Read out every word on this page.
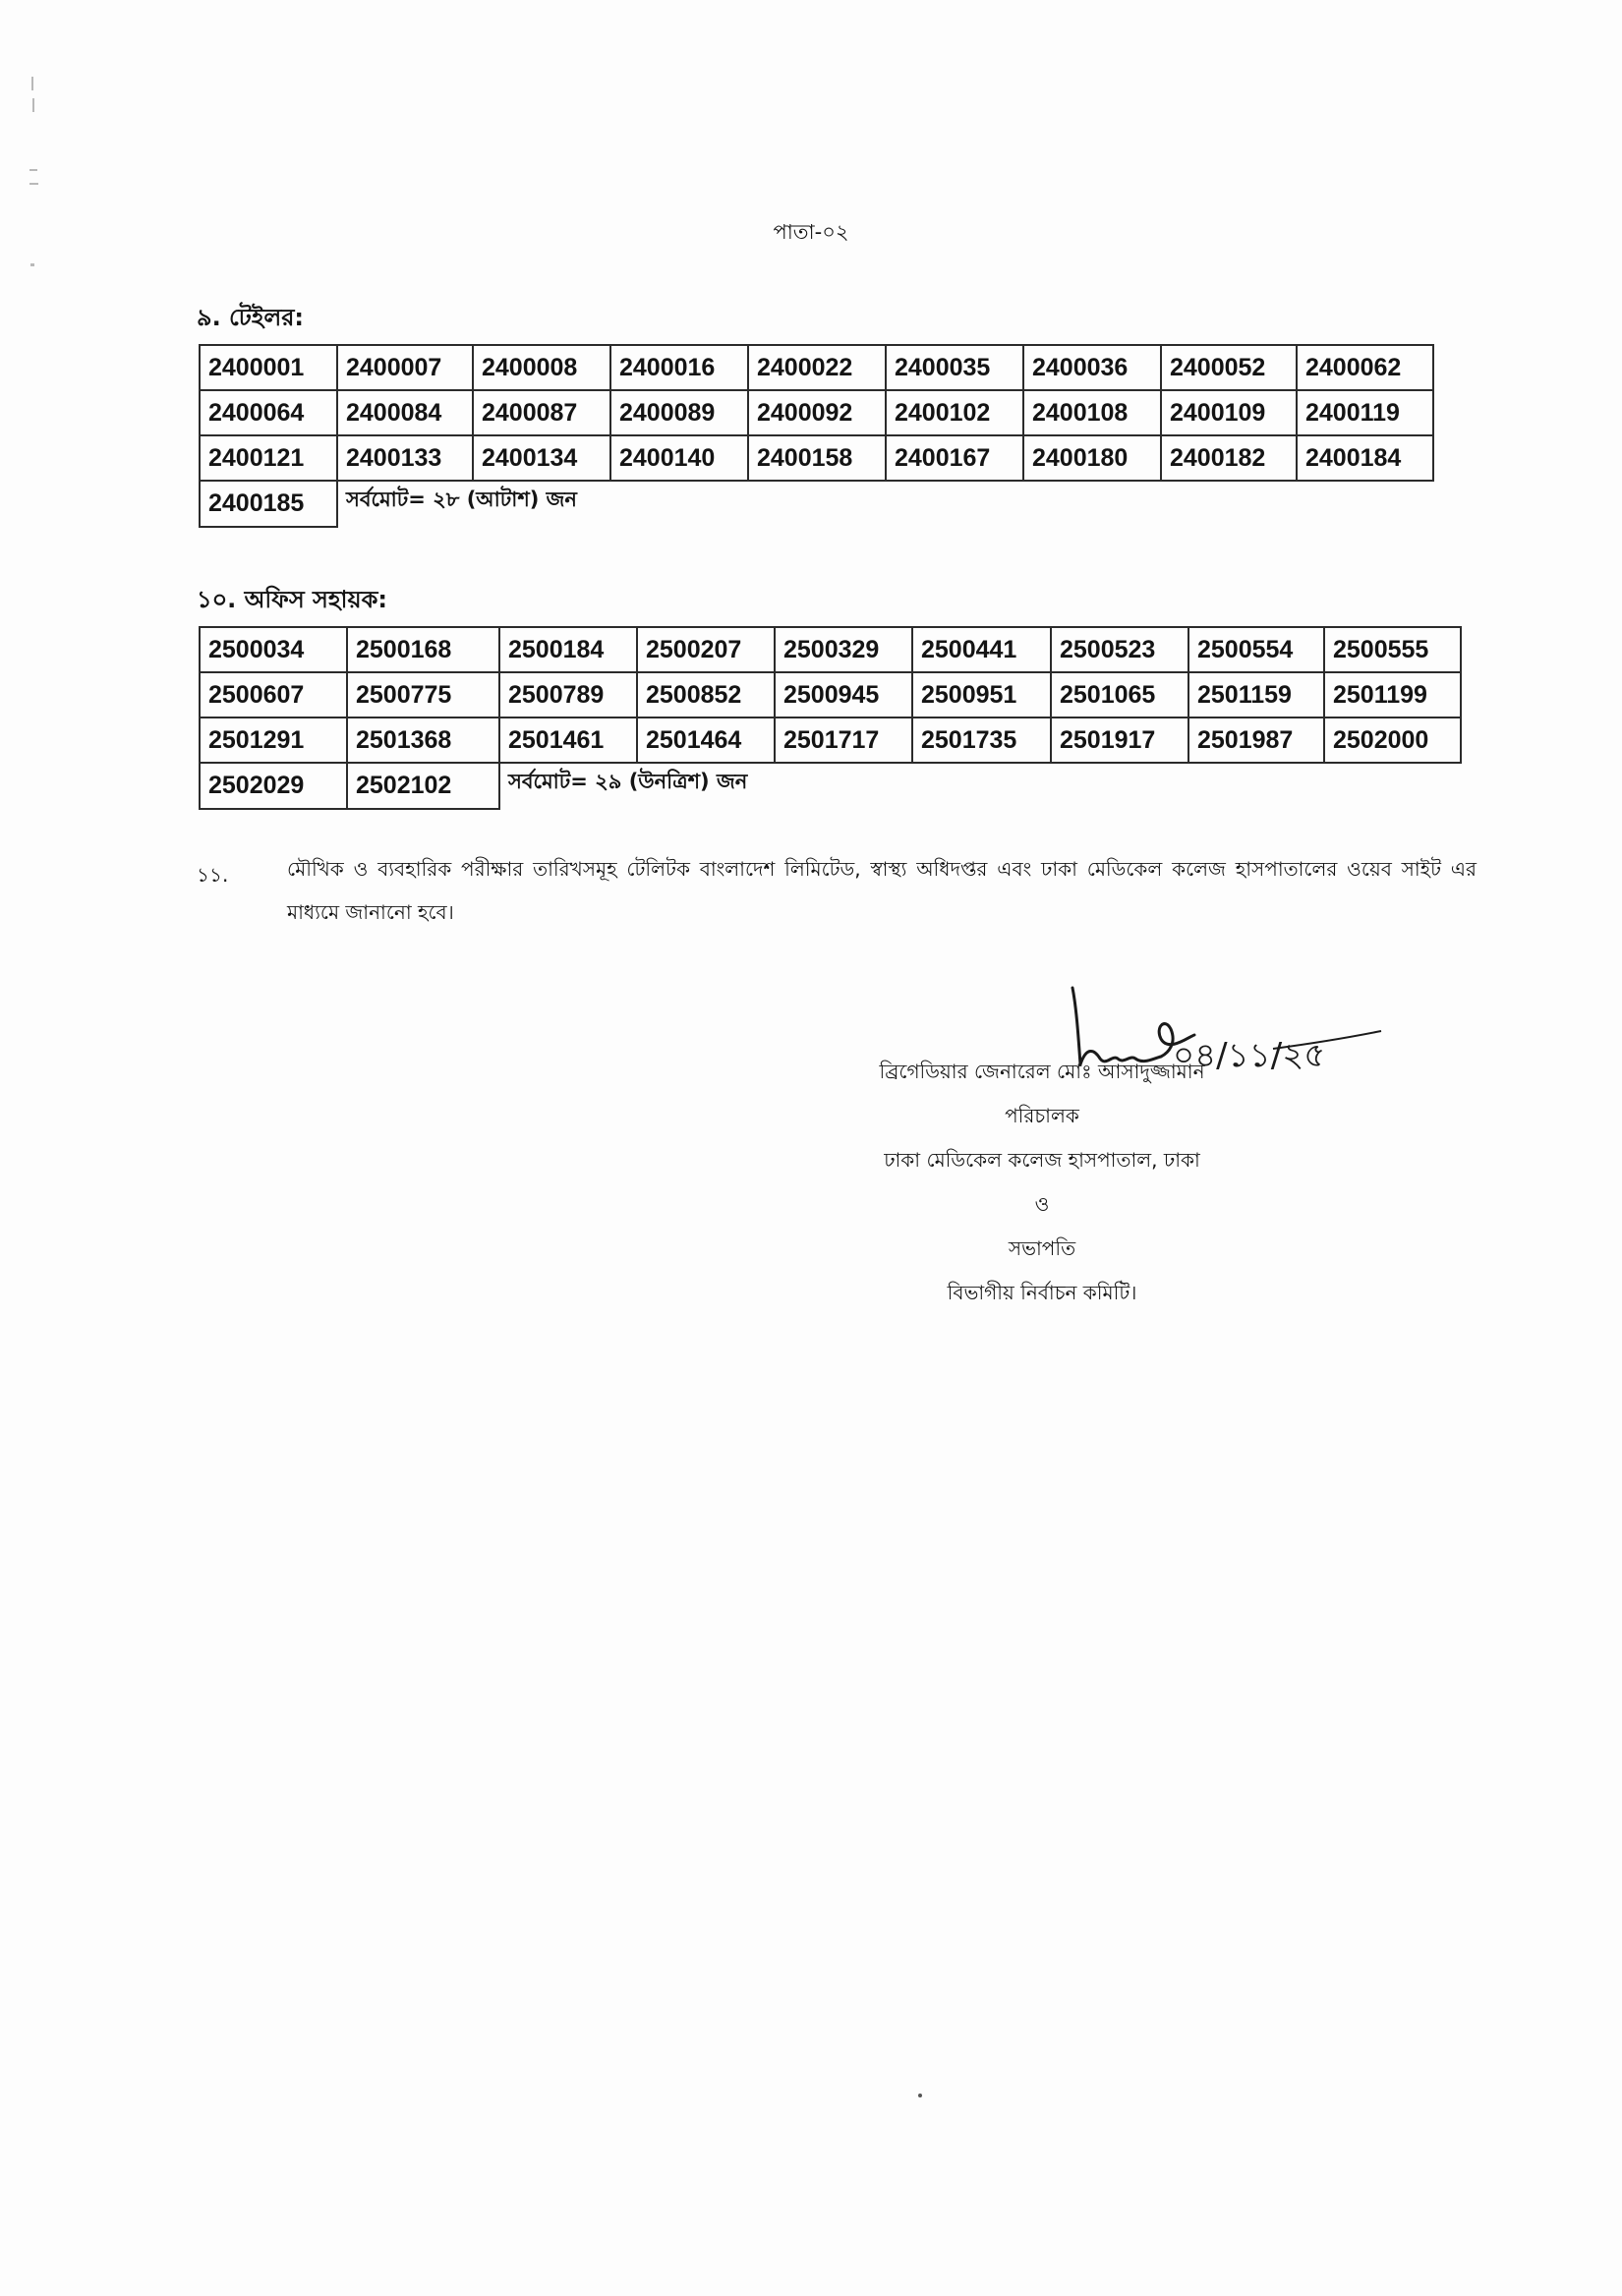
পাতা-০২
৯. টেইলর:
2400001	2400007	2400008	2400016	2400022	2400035	2400036	2400052	2400062
2400064	2400084	2400087	2400089	2400092	2400102	2400108	2400109	2400119
2400121	2400133	2400134	2400140	2400158	2400167	2400180	2400182	2400184
2400185	সর্বমোট= ২৮ (আটাশ) জন							
১০. অফিস সহায়ক:
2500034	2500168	2500184	2500207	2500329	2500441	2500523	2500554	2500555
2500607	2500775	2500789	2500852	2500945	2500951	2501065	2501159	2501199
2501291	2501368	2501461	2501464	2501717	2501735	2501917	2501987	2502000
2502029	2502102	সর্বমোট= ২৯ (উনত্রিশ) জন						
১১.	মৌখিক ও ব্যবহারিক পরীক্ষার তারিখসমূহ টেলিটক বাংলাদেশ লিমিটেড, স্বাস্থ্য অধিদপ্তর এবং ঢাকা মেডিকেল কলেজ হাসপাতালের ওয়েব সাইট এর মাধ্যমে জানানো হবে।
০৪/১১/২৫
ব্রিগেডিয়ার জেনারেল মোঃ আসাদুজ্জামান
পরিচালক
ঢাকা মেডিকেল কলেজ হাসপাতাল, ঢাকা
ও
সভাপতি
বিভাগীয় নির্বাচন কমিটি।
